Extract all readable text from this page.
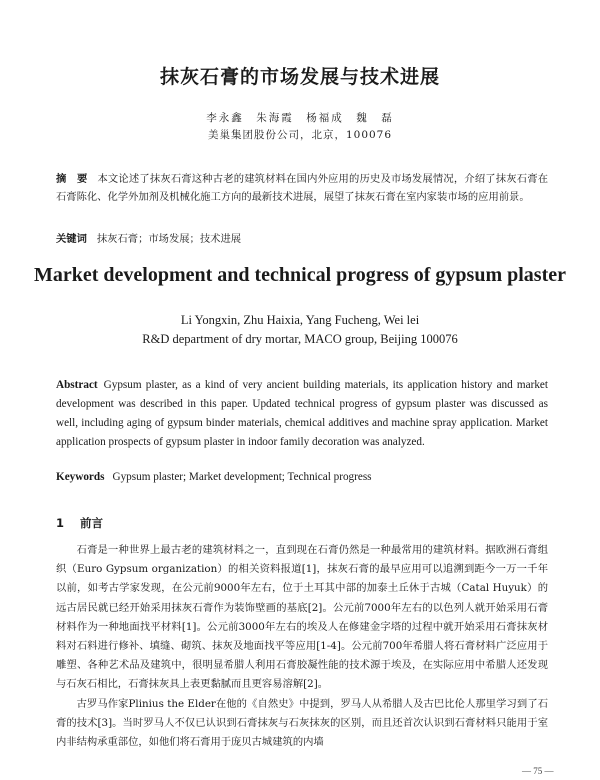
抹灰石膏的市场发展与技术进展
李永鑫　朱海霞　杨福成　魏　磊
美巢集团股份公司，北京，100076
摘　要 本文论述了抹灰石膏这种古老的建筑材料在国内外应用的历史及市场发展情况，介绍了抹灰石膏在石膏陈化、化学外加剂及机械化施工方向的最新技术进展，展望了抹灰石膏在室内家装市场的应用前景。
关键词 抹灰石膏；市场发展；技术进展
Market development and technical progress of gypsum plaster
Li Yongxin, Zhu Haixia, Yang Fucheng, Wei lei
R&D department of dry mortar, MACO group, Beijing 100076
Abstract Gypsum plaster, as a kind of very ancient building materials, its application history and market development was described in this paper. Updated technical progress of gypsum plaster was discussed as well, including aging of gypsum binder materials, chemical additives and machine spray application. Market application prospects of gypsum plaster in indoor family decoration was analyzed.
Keywords Gypsum plaster; Market development; Technical progress
1 前言

石膏是一种世界上最古老的建筑材料之一，直到现在石膏仍然是一种最常用的建筑材料。据欧洲石膏组织（Euro Gypsum organization）的相关资料报道[1]，抹灰石膏的最早应用可以追溯到距今一万一千年以前，如考古学家发现，在公元前9000年左右，位于土耳其中部的加泰土丘休于古城（Catal Huyuk）的远古居民就已经开始采用抹灰石膏作为装饰壁画的基底[2]。公元前7000年左右的以色列人就开始采用石膏材料作为一种地面找平材料[1]。公元前3000年左右的埃及人在修建金字塔的过程中就开始采用石膏抹灰材料对石料进行修补、填缝、砌筑、抹灰及地面找平等应用[1-4]。公元前700年希腊人将石膏材料广泛应用于雕塑、各种艺术品及建筑中，很明显希腊人利用石膏胶凝性能的技术源于埃及，在实际应用中希腊人还发现与石灰石相比，石膏抹灰具上表更黏腻而且更容易溶解[2]。

古罗马作家Plinius the Elder在他的《自然史》中提到，罗马人从希腊人及古巴比伦人那里学习到了石膏的技术[3]。当时罗马人不仅已认识到石膏抹灰与石灰抹灰的区别，而且还首次认识到石膏材料只能用于室内非结构承重部位，如他们将石膏用于庞贝古城建筑的内墙

— 75 —
